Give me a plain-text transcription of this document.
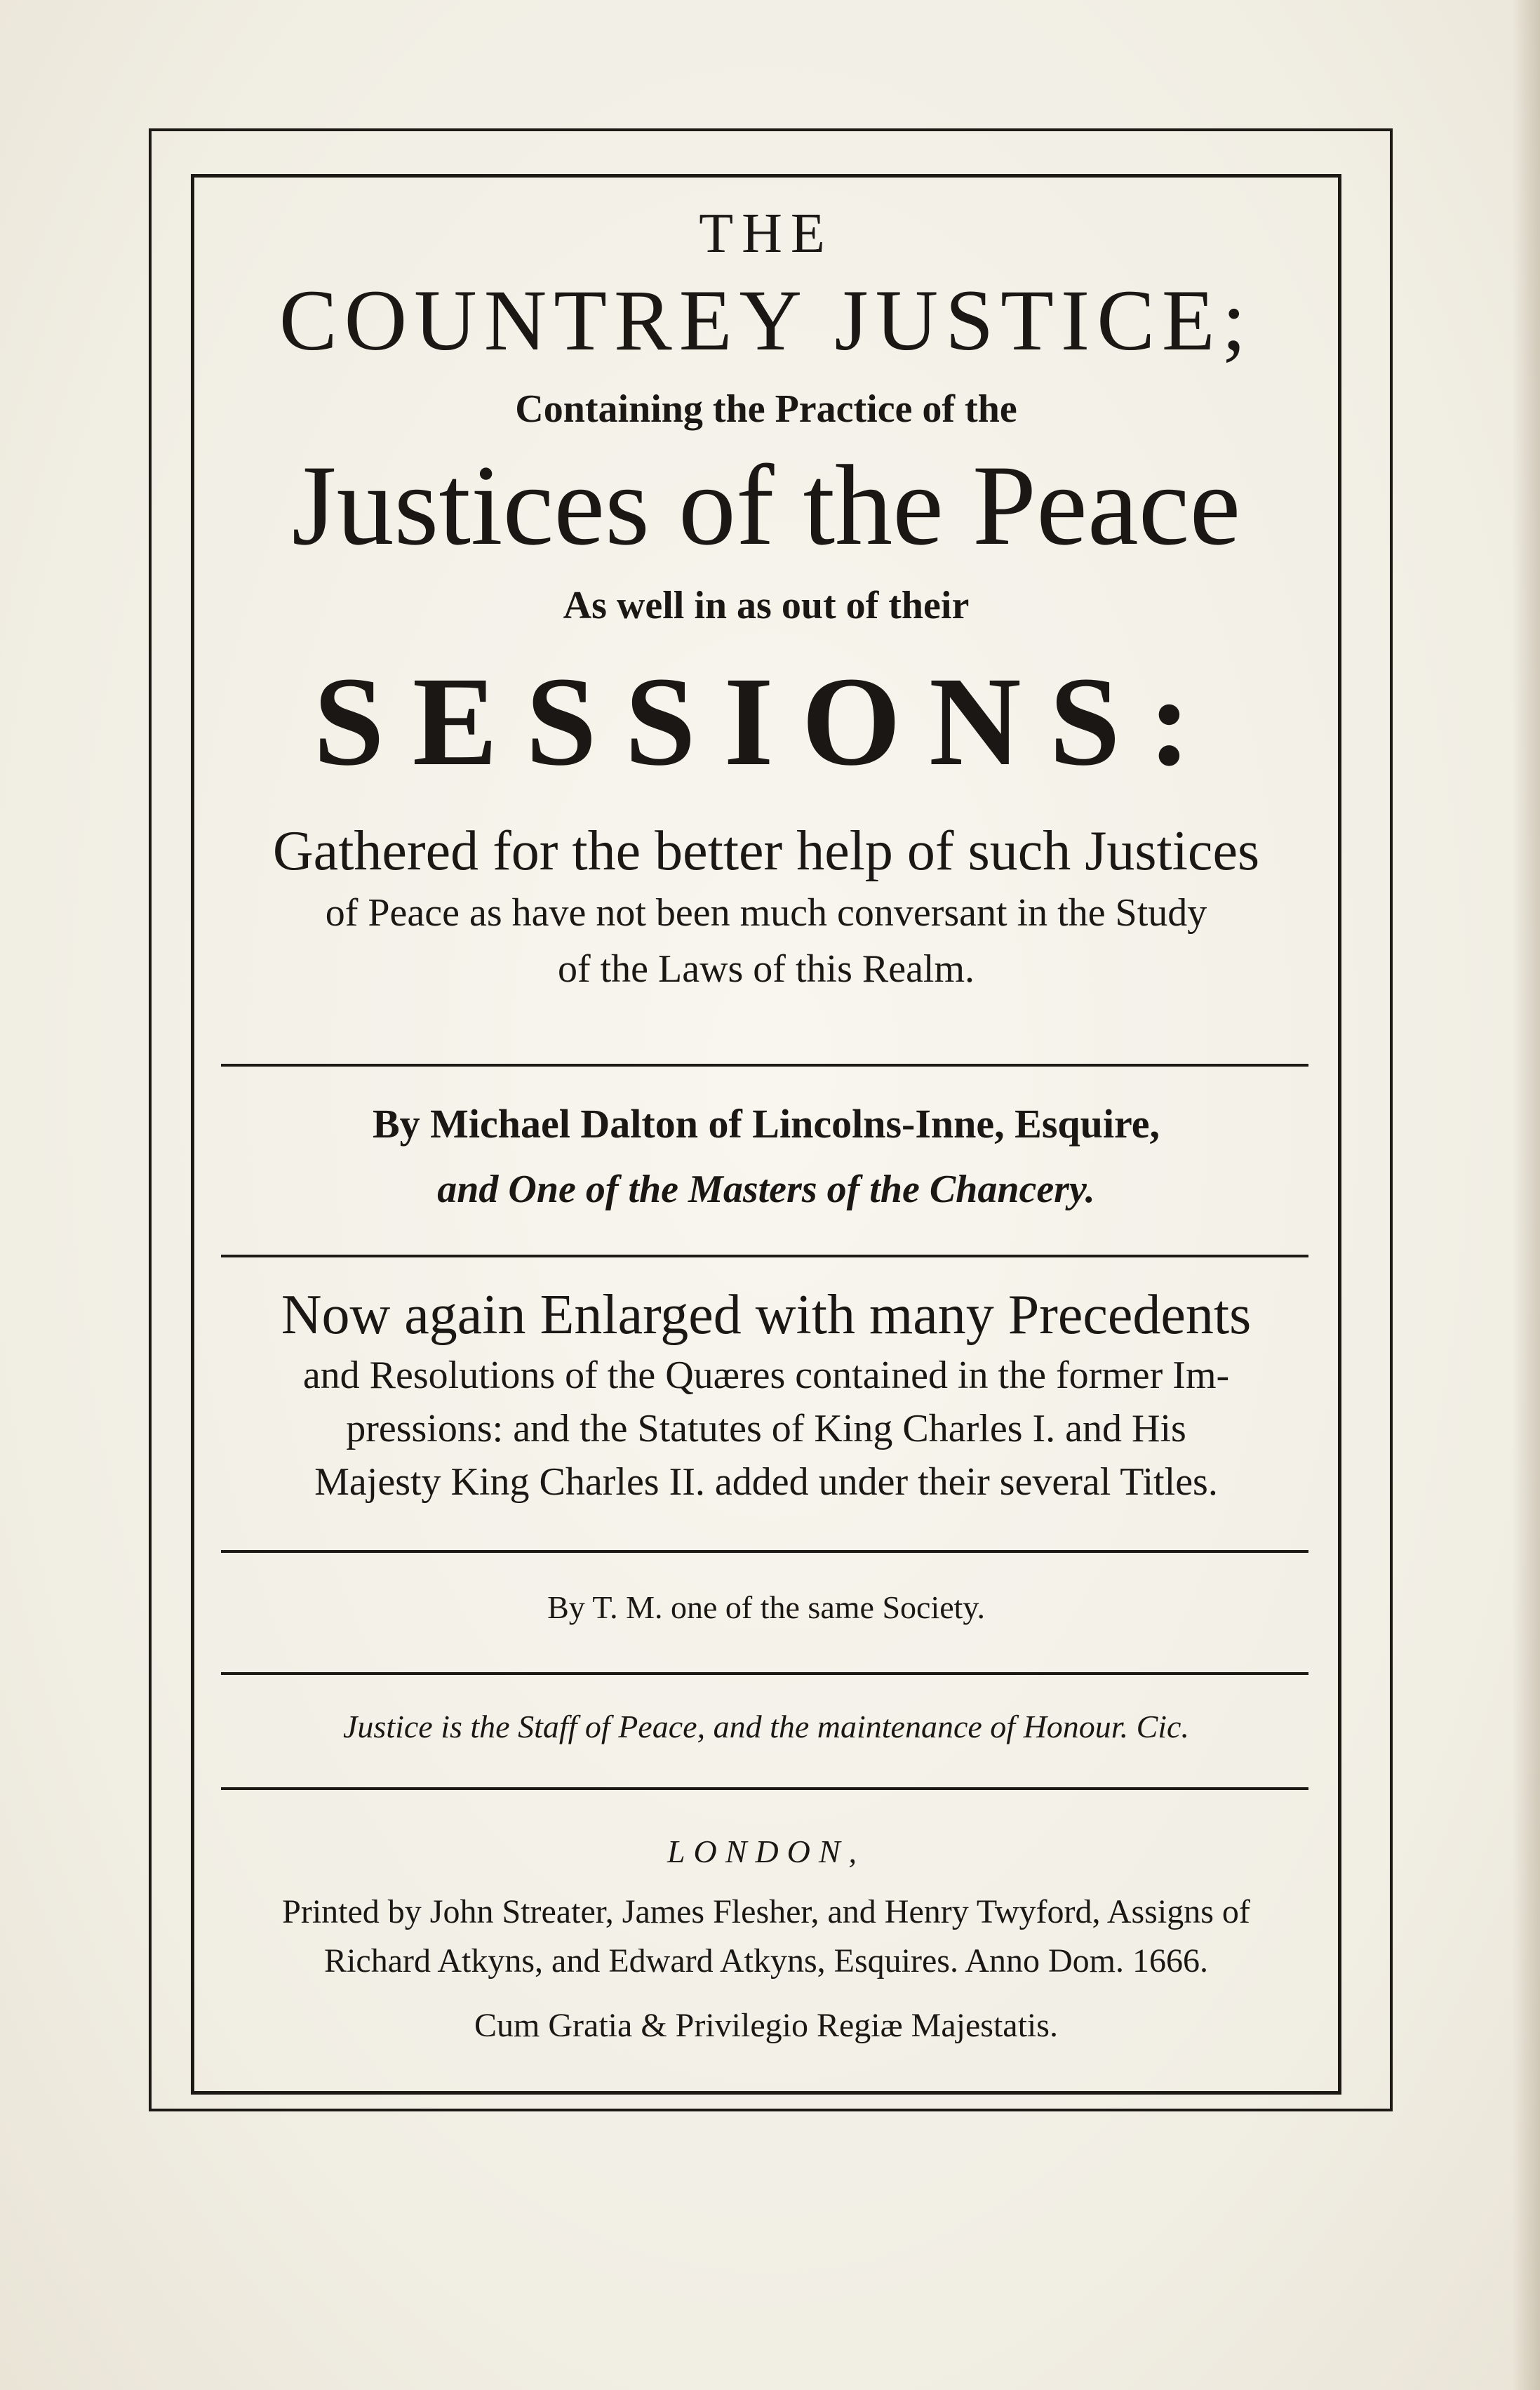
THE
COUNTREY JUSTICE;
Containing the Practice of the
Justices of the Peace
As well in as out of their
SESSIONS:
Gathered for the better help of such Justices
of Peace as have not been much conversant in the Study
of the Laws of this Realm.
By Michael Dalton of Lincolns-Inne, Esquire,
and One of the Masters of the Chancery.
Now again Enlarged with many Precedents
and Resolutions of the Quæres contained in the former Im-
pressions: and the Statutes of King Charles I. and His
Majesty King Charles II. added under their several Titles.
By T. M. one of the same Society.
Justice is the Staff of Peace, and the maintenance of Honour. Cic.
LONDON,
Printed by John Streater, James Flesher, and Henry Twyford, Assigns of
Richard Atkyns, and Edward Atkyns, Esquires. Anno Dom. 1666.
Cum Gratia & Privilegio Regiæ Majestatis.
